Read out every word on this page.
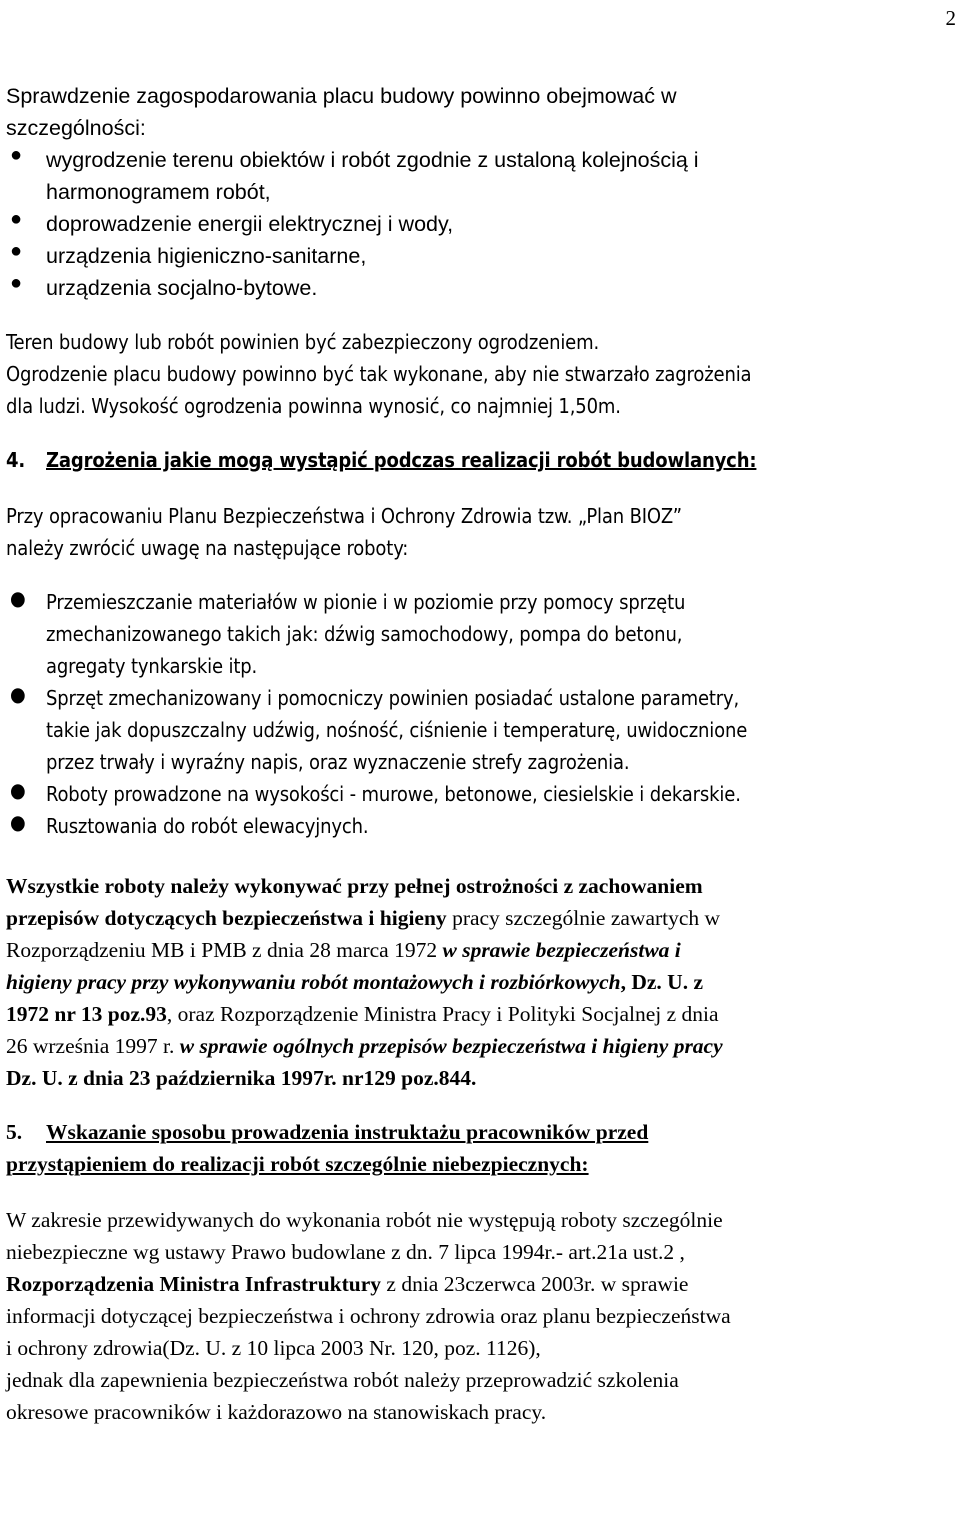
2
Sprawdzenie zagospodarowania placu budowy powinno obejmować w
szczególności:
● wygrodzenie terenu obiektów i robót zgodnie z ustaloną kolejnością i
harmonogramem robót,
● doprowadzenie energii elektrycznej i wody,
● urządzenia higieniczno-sanitarne,
● urządzenia socjalno-bytowe.
Teren budowy lub robót powinien być zabezpieczony ogrodzeniem.
Ogrodzenie placu budowy powinno być tak wykonane, aby nie stwarzało zagrożenia
dla ludzi. Wysokość ogrodzenia powinna wynosić, co najmniej 1,50m.
4. Zagrożenia jakie mogą wystąpić podczas realizacji robót budowlanych:
Przy opracowaniu Planu Bezpieczeństwa i Ochrony Zdrowia tzw. „Plan BIOZ”
należy zwrócić uwagę na następujące roboty:
● Przemieszczanie materiałów w pionie i w poziomie przy pomocy sprzętu
zmechanizowanego takich jak: dźwig samochodowy, pompa do betonu,
agregaty tynkarskie itp.
● Sprzęt zmechanizowany i pomocniczy powinien posiadać ustalone parametry,
takie jak dopuszczalny udźwig, nośność, ciśnienie i temperaturę, uwidocznione
przez trwały i wyraźny napis, oraz wyznaczenie strefy zagrożenia.
● Roboty prowadzone na wysokości - murowe, betonowe, ciesielskie i dekarskie.
● Rusztowania do robót elewacyjnych.
Wszystkie roboty należy wykonywać przy pełnej ostrożności z zachowaniem
przepisów dotyczących bezpieczeństwa i higieny pracy szczególnie zawartych w
Rozporządzeniu MB i PMB z dnia 28 marca 1972 w sprawie bezpieczeństwa i
higieny pracy przy wykonywaniu robót montażowych i rozbiórkowych, Dz. U. z
1972 nr 13 poz.93, oraz Rozporządzenie Ministra Pracy i Polityki Socjalnej z dnia
26 września 1997 r. w sprawie ogólnych przepisów bezpieczeństwa i higieny pracy
Dz. U. z dnia 23 października 1997r. nr129 poz.844.
5. Wskazanie sposobu prowadzenia instruktażu pracowników przed
przystąpieniem do realizacji robót szczególnie niebezpiecznych:
W zakresie przewidywanych do wykonania robót nie występują roboty szczególnie
niebezpieczne wg ustawy Prawo budowlane z dn. 7 lipca 1994r.- art.21a ust.2 ,
Rozporządzenia Ministra Infrastruktury z dnia 23czerwca 2003r. w sprawie
informacji dotyczącej bezpieczeństwa i ochrony zdrowia oraz planu bezpieczeństwa
i ochrony zdrowia(Dz. U. z 10 lipca 2003 Nr. 120, poz. 1126),
jednak dla zapewnienia bezpieczeństwa robót należy przeprowadzić szkolenia
okresowe pracowników i każdorazowo na stanowiskach pracy.
